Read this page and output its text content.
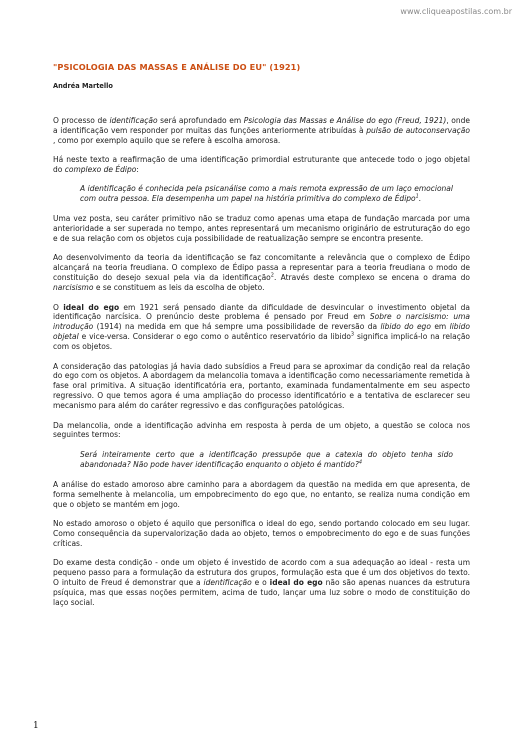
www.cliqueapostilas.com.br
"PSICOLOGIA DAS MASSAS E ANÁLISE DO EU" (1921)
Andréa Martello

O processo de identificação será aprofundado em Psicologia das Massas e Análise do ego (Freud, 1921), onde a identificação vem responder por muitas das funções anteriormente atribuídas à pulsão de autoconservação , como por exemplo aquilo que se refere à escolha amorosa.

Há neste texto a reafirmação de uma identificação primordial estruturante que antecede todo o jogo objetal do complexo de Édipo:

A identificação é conhecida pela psicanálise como a mais remota expressão de um laço emocional com outra pessoa. Ela desempenha um papel na história primitiva do complexo de Édipo$^1$.

Uma vez posta, seu caráter primitivo não se traduz como apenas uma etapa de fundação marcada por uma anterioridade a ser superada no tempo, antes representará um mecanismo originário de estruturação do ego e de sua relação com os objetos cuja possibilidade de reatualização sempre se encontra presente.

Ao desenvolvimento da teoria da identificação se faz concomitante a relevância que o complexo de Édipo alcançará na teoria freudiana. O complexo de Édipo passa a representar para a teoria freudiana o modo de constituição do desejo sexual pela via da identificação$^2$. Através deste complexo se encena o drama do narcisismo e se constituem as leis da escolha de objeto.

O ideal do ego em 1921 será pensado diante da dificuldade de desvincular o investimento objetal da identificação narcísica. O prenúncio deste problema é pensado por Freud em Sobre o narcisismo: uma introdução (1914) na medida em que há sempre uma possibilidade de reversão da libido do ego em libido objetal e vice-versa. Considerar o ego como o autêntico reservatório da libido$^3$ significa implicá-lo na relação com os objetos.

A consideração das patologias já havia dado subsídios a Freud para se aproximar da condição real da relação do ego com os objetos. A abordagem da melancolia tomava a identificação como necessariamente remetida à fase oral primitiva. A situação identificatória era, portanto, examinada fundamentalmente em seu aspecto regressivo. O que temos agora é uma ampliação do processo identificatório e a tentativa de esclarecer seu mecanismo para além do caráter regressivo e das configurações patológicas.

Da melancolia, onde a identificação advinha em resposta à perda de um objeto, a questão se coloca nos seguintes termos:

Será inteiramente certo que a identificação pressupõe que a catexia do objeto tenha sido abandonada? Não pode haver identificação enquanto o objeto é mantido?$^4$

A análise do estado amoroso abre caminho para a abordagem da questão na medida em que apresenta, de forma semelhente à melancolia, um empobrecimento do ego que, no entanto, se realiza numa condição em que o objeto se mantém em jogo.

No estado amoroso o objeto é aquilo que personifica o ideal do ego, sendo portando colocado em seu lugar. Como consequência da supervalorização dada ao objeto, temos o empobrecimento do ego e de suas funções críticas.

Do exame desta condição - onde um objeto é investido de acordo com a sua adequação ao ideal - resta um pequeno passo para a formulação da estrutura dos grupos, formulação esta que é um dos objetivos do texto. O intuito de Freud é demonstrar que a identificação e o ideal do ego não são apenas nuances da estrutura psíquica, mas que essas noções permitem, acima de tudo, lançar uma luz sobre o modo de constituição do laço social.

1
